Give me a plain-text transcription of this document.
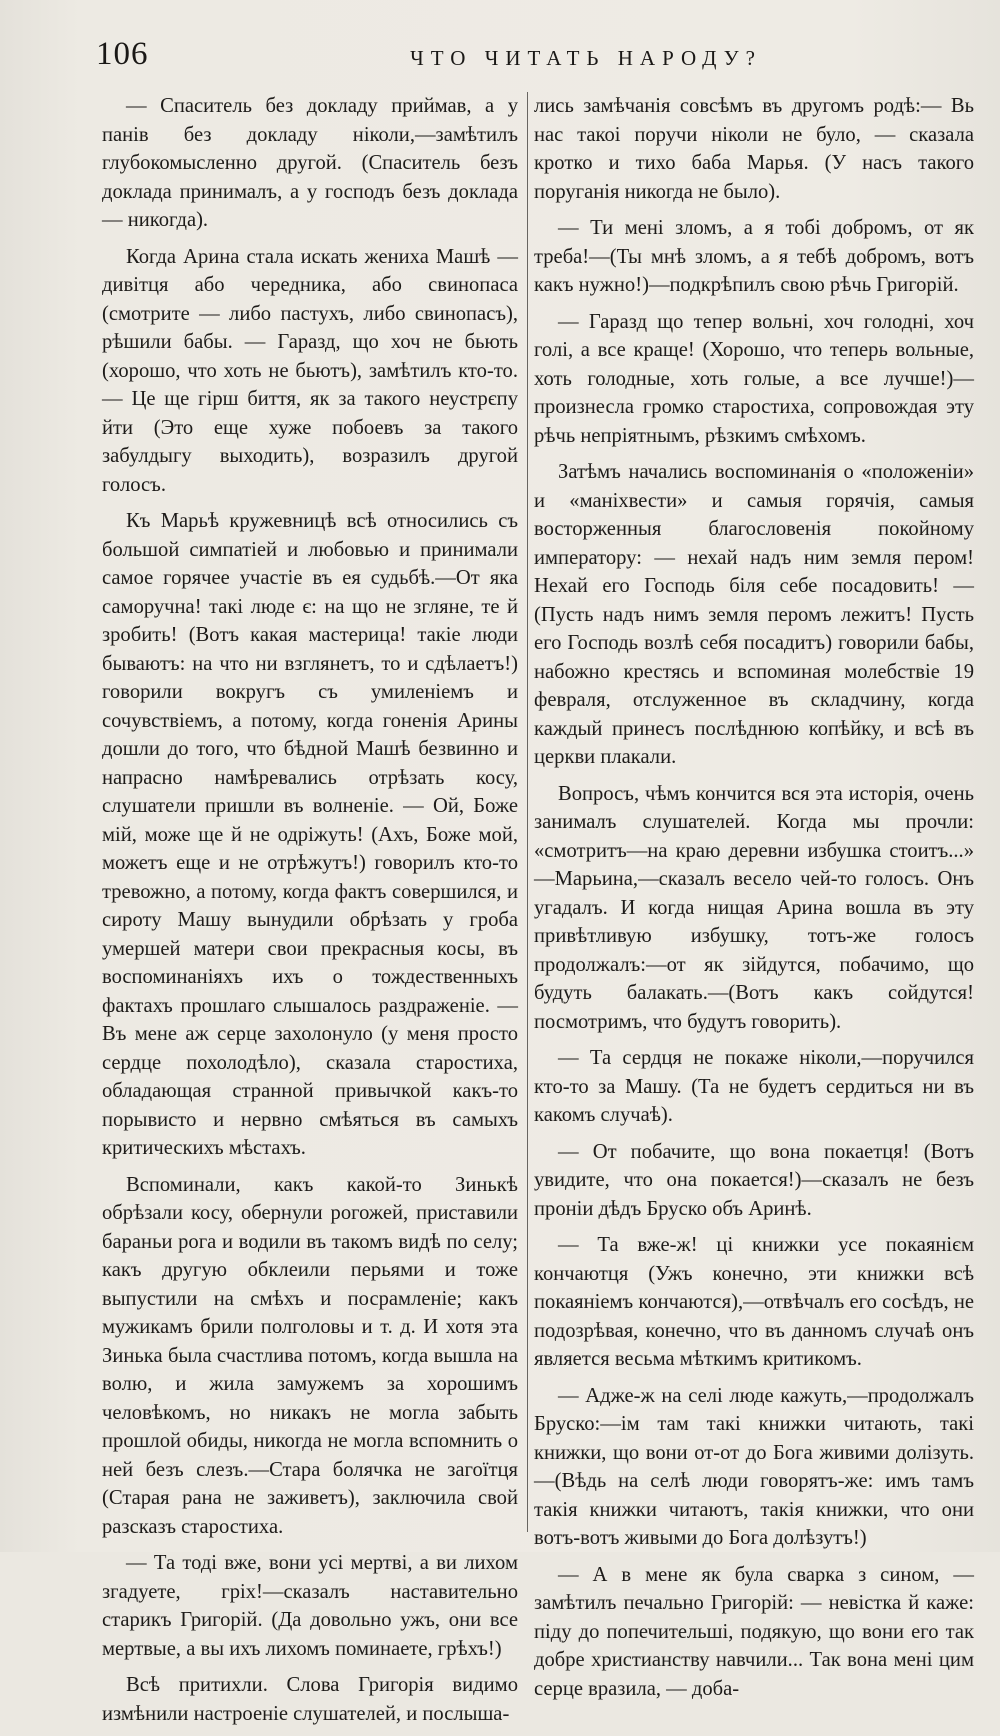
106	ЧТО ЧИТАТЬ НАРОДУ?

— Спаситель без докладу приймав, а у панів без докладу ніколи,—замѣтилъ глубокомысленно другой. (Спаситель безъ доклада принималъ, а у господъ безъ доклада — никогда).

Когда Арина стала искать жениха Машѣ — дивітця або чередника, або свинопаса (смотрите — либо пастухъ, либо свинопасъ), рѣшили бабы. — Гаразд, що хоч не бьють (хорошо, что хоть не бьютъ), замѣтилъ кто-то. — Це ще гірш биття, як за такого неустрєпу йти (Это еще хуже побоевъ за такого забулдыгу выходить), возразилъ другой голосъ.

Къ Марьѣ кружевницѣ всѣ относились съ большой симпатіей и любовью и принимали самое горячее участіе въ ея судьбѣ.—От яка саморучна! такі люде є: на що не згляне, те й зробить! (Вотъ какая мастерица! такіе люди бываютъ: на что ни взглянетъ, то и сдѣлаетъ!) говорили вокругъ съ умиленіемъ и сочувствіемъ, а потому, когда гоненія Арины дошли до того, что бѣдной Машѣ безвинно и напрасно намѣревались отрѣзать косу, слушатели пришли въ волненіе. — Ой, Боже мій, може ще й не одріжуть! (Ахъ, Боже мой, можетъ еще и не отрѣжутъ!) говорилъ кто-то тревожно, а потому, когда фактъ совершился, и сироту Машу вынудили обрѣзать у гроба умершей матери свои прекрасныя косы, въ воспоминаніяхъ ихъ о тождественныхъ фактахъ прошлаго слышалось раздраженіе. — Въ мене аж серце захолонуло (у меня просто сердце похолодѣло), сказала старостиха, обладающая странной привычкой какъ-то порывисто и нервно смѣяться въ самыхъ критическихъ мѣстахъ.

Вспоминали, какъ какой-то Зинькѣ обрѣзали косу, обернули рогожей, приставили бараньи рога и водили въ такомъ видѣ по селу; какъ другую обклеили перьями и тоже выпустили на смѣхъ и посрамленіе; какъ мужикамъ брили полголовы и т. д. И хотя эта Зинька была счастлива потомъ, когда вышла на волю, и жила замужемъ за хорошимъ человѣкомъ, но никакъ не могла забыть прошлой обиды, никогда не могла вспомнить о ней безъ слезъ.—Стара болячка не загоїтця (Старая рана не заживетъ), заключила свой разсказъ старостиха.

— Та тоді вже, вони усі мертві, а ви лихом згадуете, гріх!—сказалъ наставительно старикъ Григорій. (Да довольно ужъ, они все мертвые, а вы ихъ лихомъ поминаете, грѣхъ!)

Всѣ притихли. Слова Григорія видимо измѣнили настроеніе слушателей, и послыша-

лись замѣчанія совсѣмъ въ другомъ родѣ:— Вь нас такоі поручи ніколи не було, — сказала кротко и тихо баба Марья. (У насъ такого поруганія никогда не было).

— Ти мені зломъ, а я тобі добромъ, от як треба!—(Ты мнѣ зломъ, а я тебѣ добромъ, вотъ какъ нужно!)—подкрѣпилъ свою рѣчь Григорій.

— Гаразд що тепер вольні, хоч голодні, хоч голі, а все краще! (Хорошо, что теперь вольные, хоть голодные, хоть голые, а все лучше!)—произнесла громко старостиха, сопровождая эту рѣчь непріятнымъ, рѣзкимъ смѣхомъ.

Затѣмъ начались воспоминанія о «положеніи» и «маніхвести» и самыя горячія, самыя восторженныя благословенія покойному императору: — нехай надъ ним земля пером! Нехай его Господь біля себе посадовить! — (Пусть надъ нимъ земля перомъ лежитъ! Пусть его Господь возлѣ себя посадитъ) говорили бабы, набожно крестясь и вспоминая молебствіе 19 февраля, отслуженное въ складчину, когда каждый принесъ послѣднюю копѣйку, и всѣ въ церкви плакали.

Вопросъ, чѣмъ кончится вся эта исторія, очень занималъ слушателей. Когда мы прочли: «смотритъ—на краю деревни избушка стоитъ...» —Марьина,—сказалъ весело чей-то голосъ. Онъ угадалъ. И когда нищая Арина вошла въ эту привѣтливую избушку, тотъ-же голосъ продолжалъ:—от як зійдутся, побачимо, що будуть балакать.—(Вотъ какъ сойдутся! посмотримъ, что будутъ говорить).

— Та сердця не покаже ніколи,—поручился кто-то за Машу. (Та не будетъ сердиться ни въ какомъ случаѣ).

— От побачите, що вона покаетця! (Вотъ увидите, что она покается!)—сказалъ не безъ проніи дѣдъ Бруско объ Аринѣ.

— Та вже-ж! ці книжки усе покаянієм кончаютця (Ужъ конечно, эти книжки всѣ покаяніемъ кончаются),—отвѣчалъ его сосѣдъ, не подозрѣвая, конечно, что въ данномъ случаѣ онъ является весьма мѣткимъ критикомъ.

— Адже-ж на селі люде кажуть,—продолжалъ Бруско:—ім там такі книжки читають, такі книжки, що вони от-от до Бога живими долізуть.—(Вѣдь на селѣ люди говорятъ-же: имъ тамъ такія книжки читаютъ, такія книжки, что они вотъ-вотъ живыми до Бога долѣзутъ!)

— А в мене як була сварка з сином, — замѣтилъ печально Григорій: — невістка й каже: піду до попечительші, подякую, що вони его так добре христианству навчили... Так вона мені цим серце вразила, — доба-
